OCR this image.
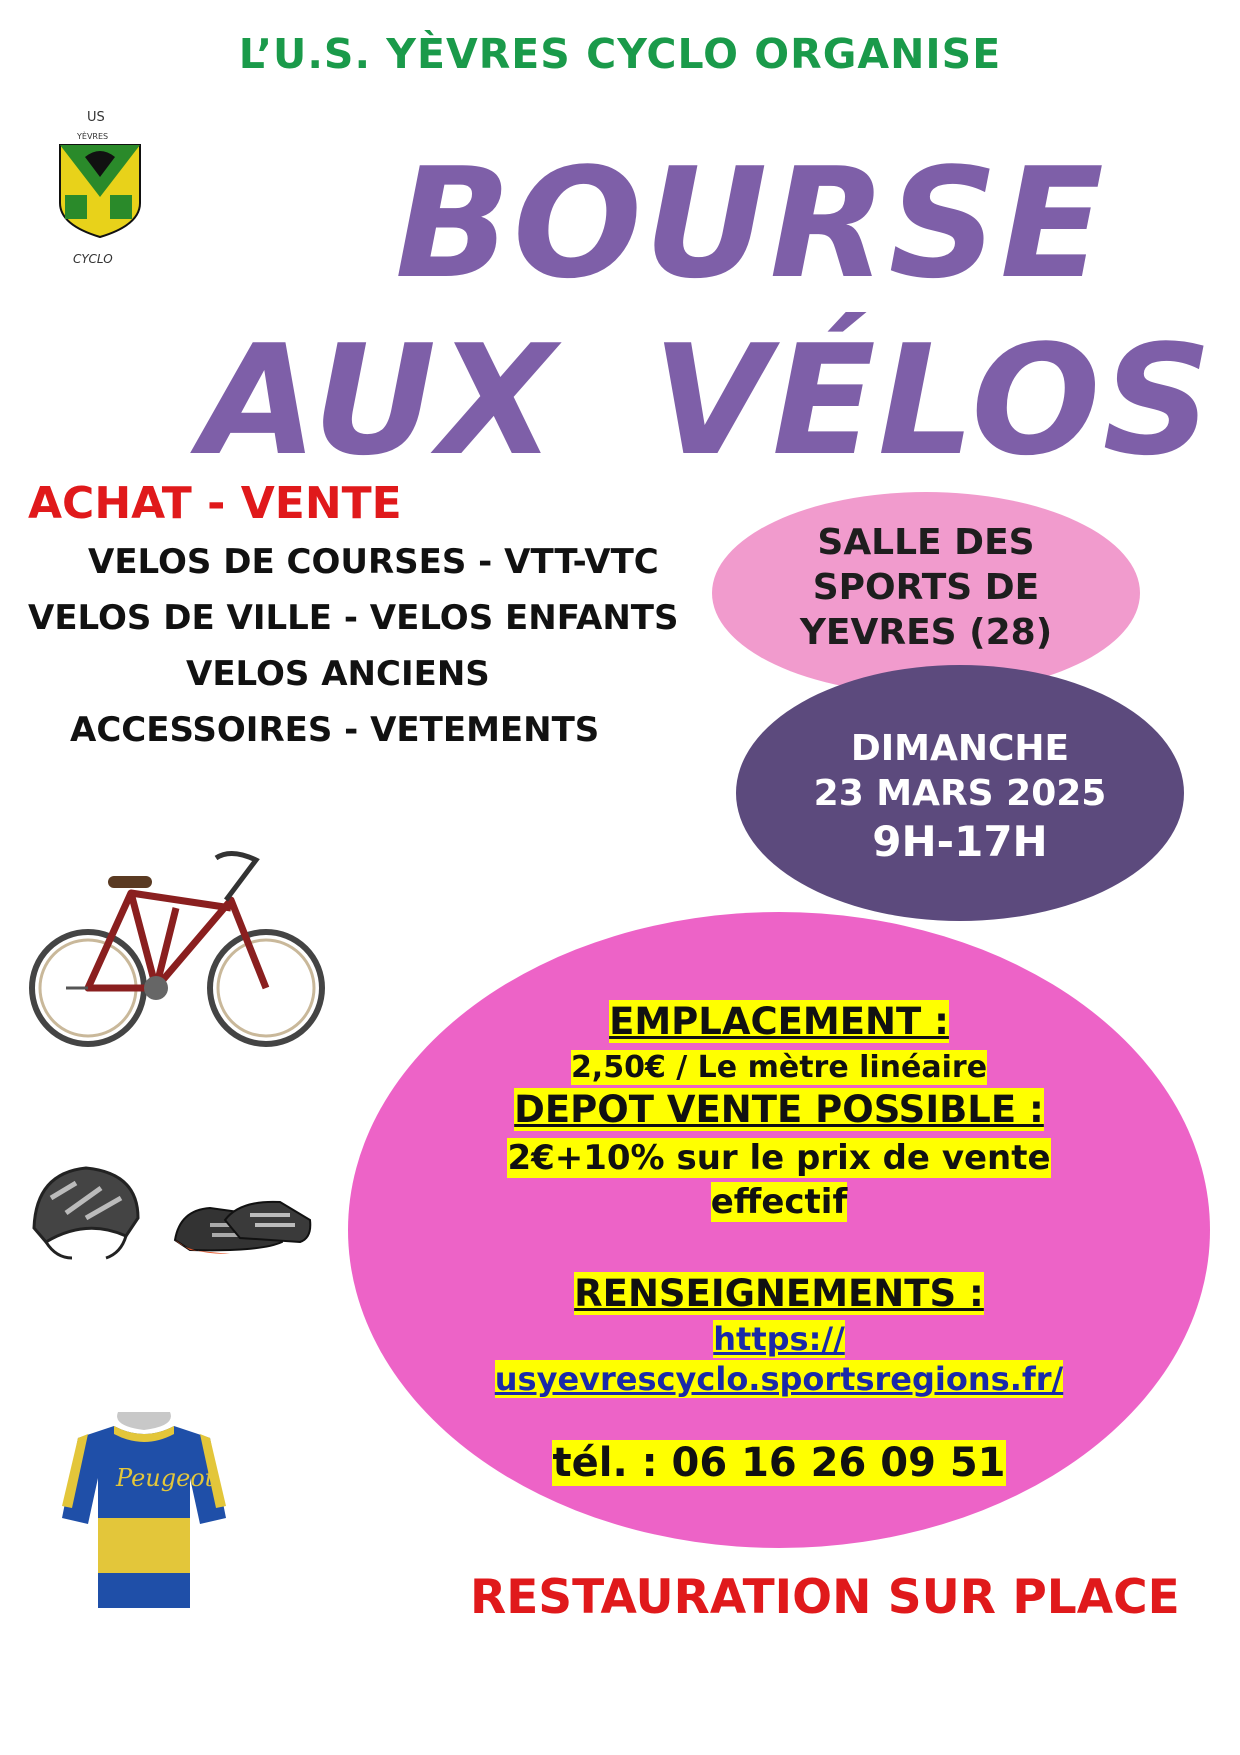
L’U.S. YÈVRES CYCLO ORGANISE
US
YÈVRES
CYCLO BOURSE
AUX VÉLOS
ACHAT - VENTE
VELOS DE COURSES - VTT-VTC
VELOS DE VILLE - VELOS ENFANTS
VELOS ANCIENS
ACCESSOIRES - VETEMENTS
SALLE DES
SPORTS DE
YEVRES (28)
DIMANCHE
23 MARS 2025
9H-17H
EMPLACEMENT :
2,50€ / Le mètre linéaire
DEPOT VENTE POSSIBLE :
2€+10% sur le prix de vente
effectif
RENSEIGNEMENTS :
https://
usyevrescyclo.sportsregions.fr/
tél. : 06 16 26 09 51
RESTAURATION SUR PLACE
Peugeot
